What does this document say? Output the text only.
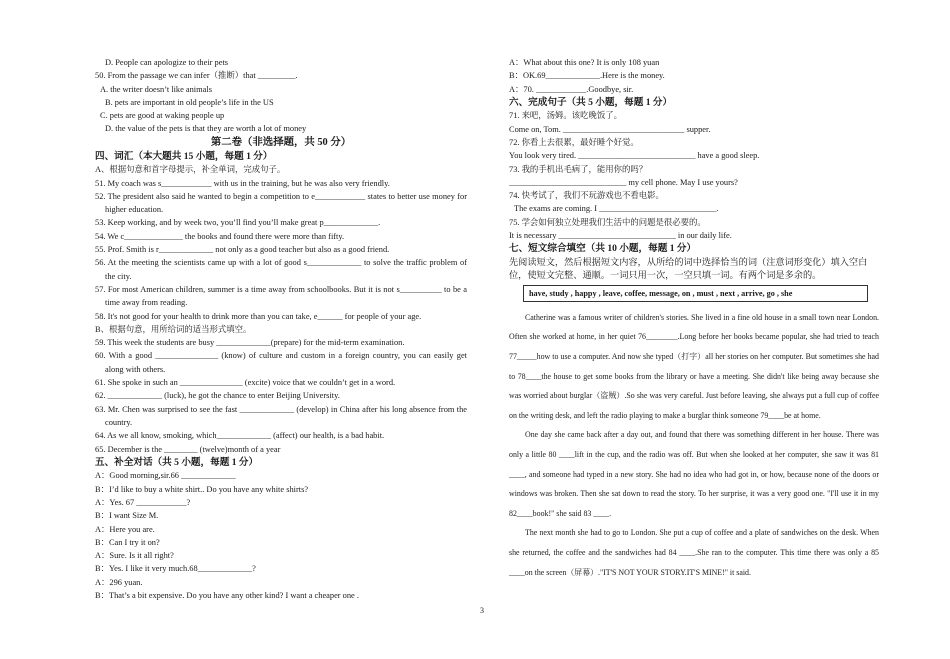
D. People can apologize to their pets
50. From the passage we can infer（推断）that _________.
A. the writer doesn’t like animals
B. pets are important in old people’s life in the US
C. pets are good at waking people up
D. the value of the pets is that they are worth a lot of money
第二卷（非选择题，共 50 分）
四、词汇（本大题共 15 小题，每题 1 分）
A、根据句意和首字母提示，补全单词，完成句子。
51. My coach was s____________ with us in the training, but he was also very friendly.
52. The president also said he wanted to begin a competition to e____________ states to better use money for higher education.
53. Keep working, and by week two, you’ll find you’ll make great p_____________.
54. We c______________ the books and found there were more than fifty.
55. Prof. Smith is r_____________ not only as a good teacher but also as a good friend.
56. At the meeting the scientists came up with a lot of good s_____________ to solve the traffic problem of the city.
57. For most American children, summer is a time away from schoolbooks. But it is not s__________ to be a time away from reading.
58. It's not good for your health to drink more than you can take, e______ for people of your age.
B、根据句意，用所给词的适当形式填空。
59. This week the students are busy _____________(prepare) for the mid-term examination.
60. With a good _______________ (know) of culture and custom in a foreign country, you can easily get along with others.
61. She spoke in such an _______________ (excite) voice that we couldn’t get in a word.
62. _____________ (luck), he got the chance to enter Beijing University.
63. Mr. Chen was surprised to see the fast _____________ (develop) in China after his long absence from the country.
64. As we all know, smoking, which_____________ (affect) our health, is a bad habit.
65. December is the ________ (twelve)month of a year
五、补全对话（共 5 小题，每题 1 分）
A：Good morning,sir.66 _____________
B：I’d like to buy a white shirt.. Do you have any white shirts?
A：Yes. 67 ____________?
B：I want Size M.
A：Here you are.
B：Can I try it on?
A：Sure. Is it all right?
B：Yes. I like it very much.68_____________?
A：296 yuan.
B：That’s a bit expensive. Do you have any other kind? I want a cheaper one .
A：What about this one? It is only 108 yuan
B：OK.69_____________.Here is the money.
A：70. ____________.Goodbye, sir.
六、完成句子（共 5 小题，每题 1 分）
71. 来吧，汤姆。该吃晚饭了。
Come on, Tom. _____________________________ supper.
72. 你看上去很累，最好睡个好觉。
You look very tired. ____________________________ have a good sleep.
73. 我的手机出毛病了，能用你的吗？
____________________________ my cell phone. May I use yours?
74. 快考试了，我们不玩游戏也不看电影。
The exams are coming. I ____________________________.
75. 学会如何独立处理我们生活中的问题是很必要的。
It is necessary ____________________________ in our daily life.
七、短文综合填空（共 10 小题，每题 1 分）
先阅读短文，然后根据短文内容，从所给的词中选择恰当的词（注意词形变化）填入空白位，使短文完整、通顺。一词只用一次，一空只填一词。有两个词是多余的。
have, study , happy , leave, coffee, message, on , must , next , arrive, go , she
Catherine was a famous writer of children's stories. She lived in a fine old house in a small town near London. Often she worked at home, in her quiet 76________.Long before her books became popular, she had tried to teach 77_____how to use a computer. And now she typed（打字）all her stories on her computer. But sometimes she had to 78____the house to get some books from the library or have a meeting. She didn't like being away because she was worried about burglar（盗贼）.So she was very careful. Just before leaving, she always put a full cup of coffee on the writing desk, and left the radio playing to make a burglar think someone 79____be at home.
One day she came back after a day out, and found that there was something different in her house. There was only a little 80 ____lift in the cup, and the radio was off. But when she looked at her computer, she saw it was 81 ____, and someone had typed in a new story. She had no idea who had got in, or how, because none of the doors or windows was broken. Then she sat down to read the story. To her surprise, it was a very good one. "I'll use it in my 82____book!" she said 83 ____.
The next month she had to go to London. She put a cup of coffee and a plate of sandwiches on the desk. When she returned, the coffee and the sandwiches had 84 ____.She ran to the computer. This time there was only a 85 ____on the screen（屏幕）."IT'S NOT YOUR STORY.IT'S MINE!" it said.
3
